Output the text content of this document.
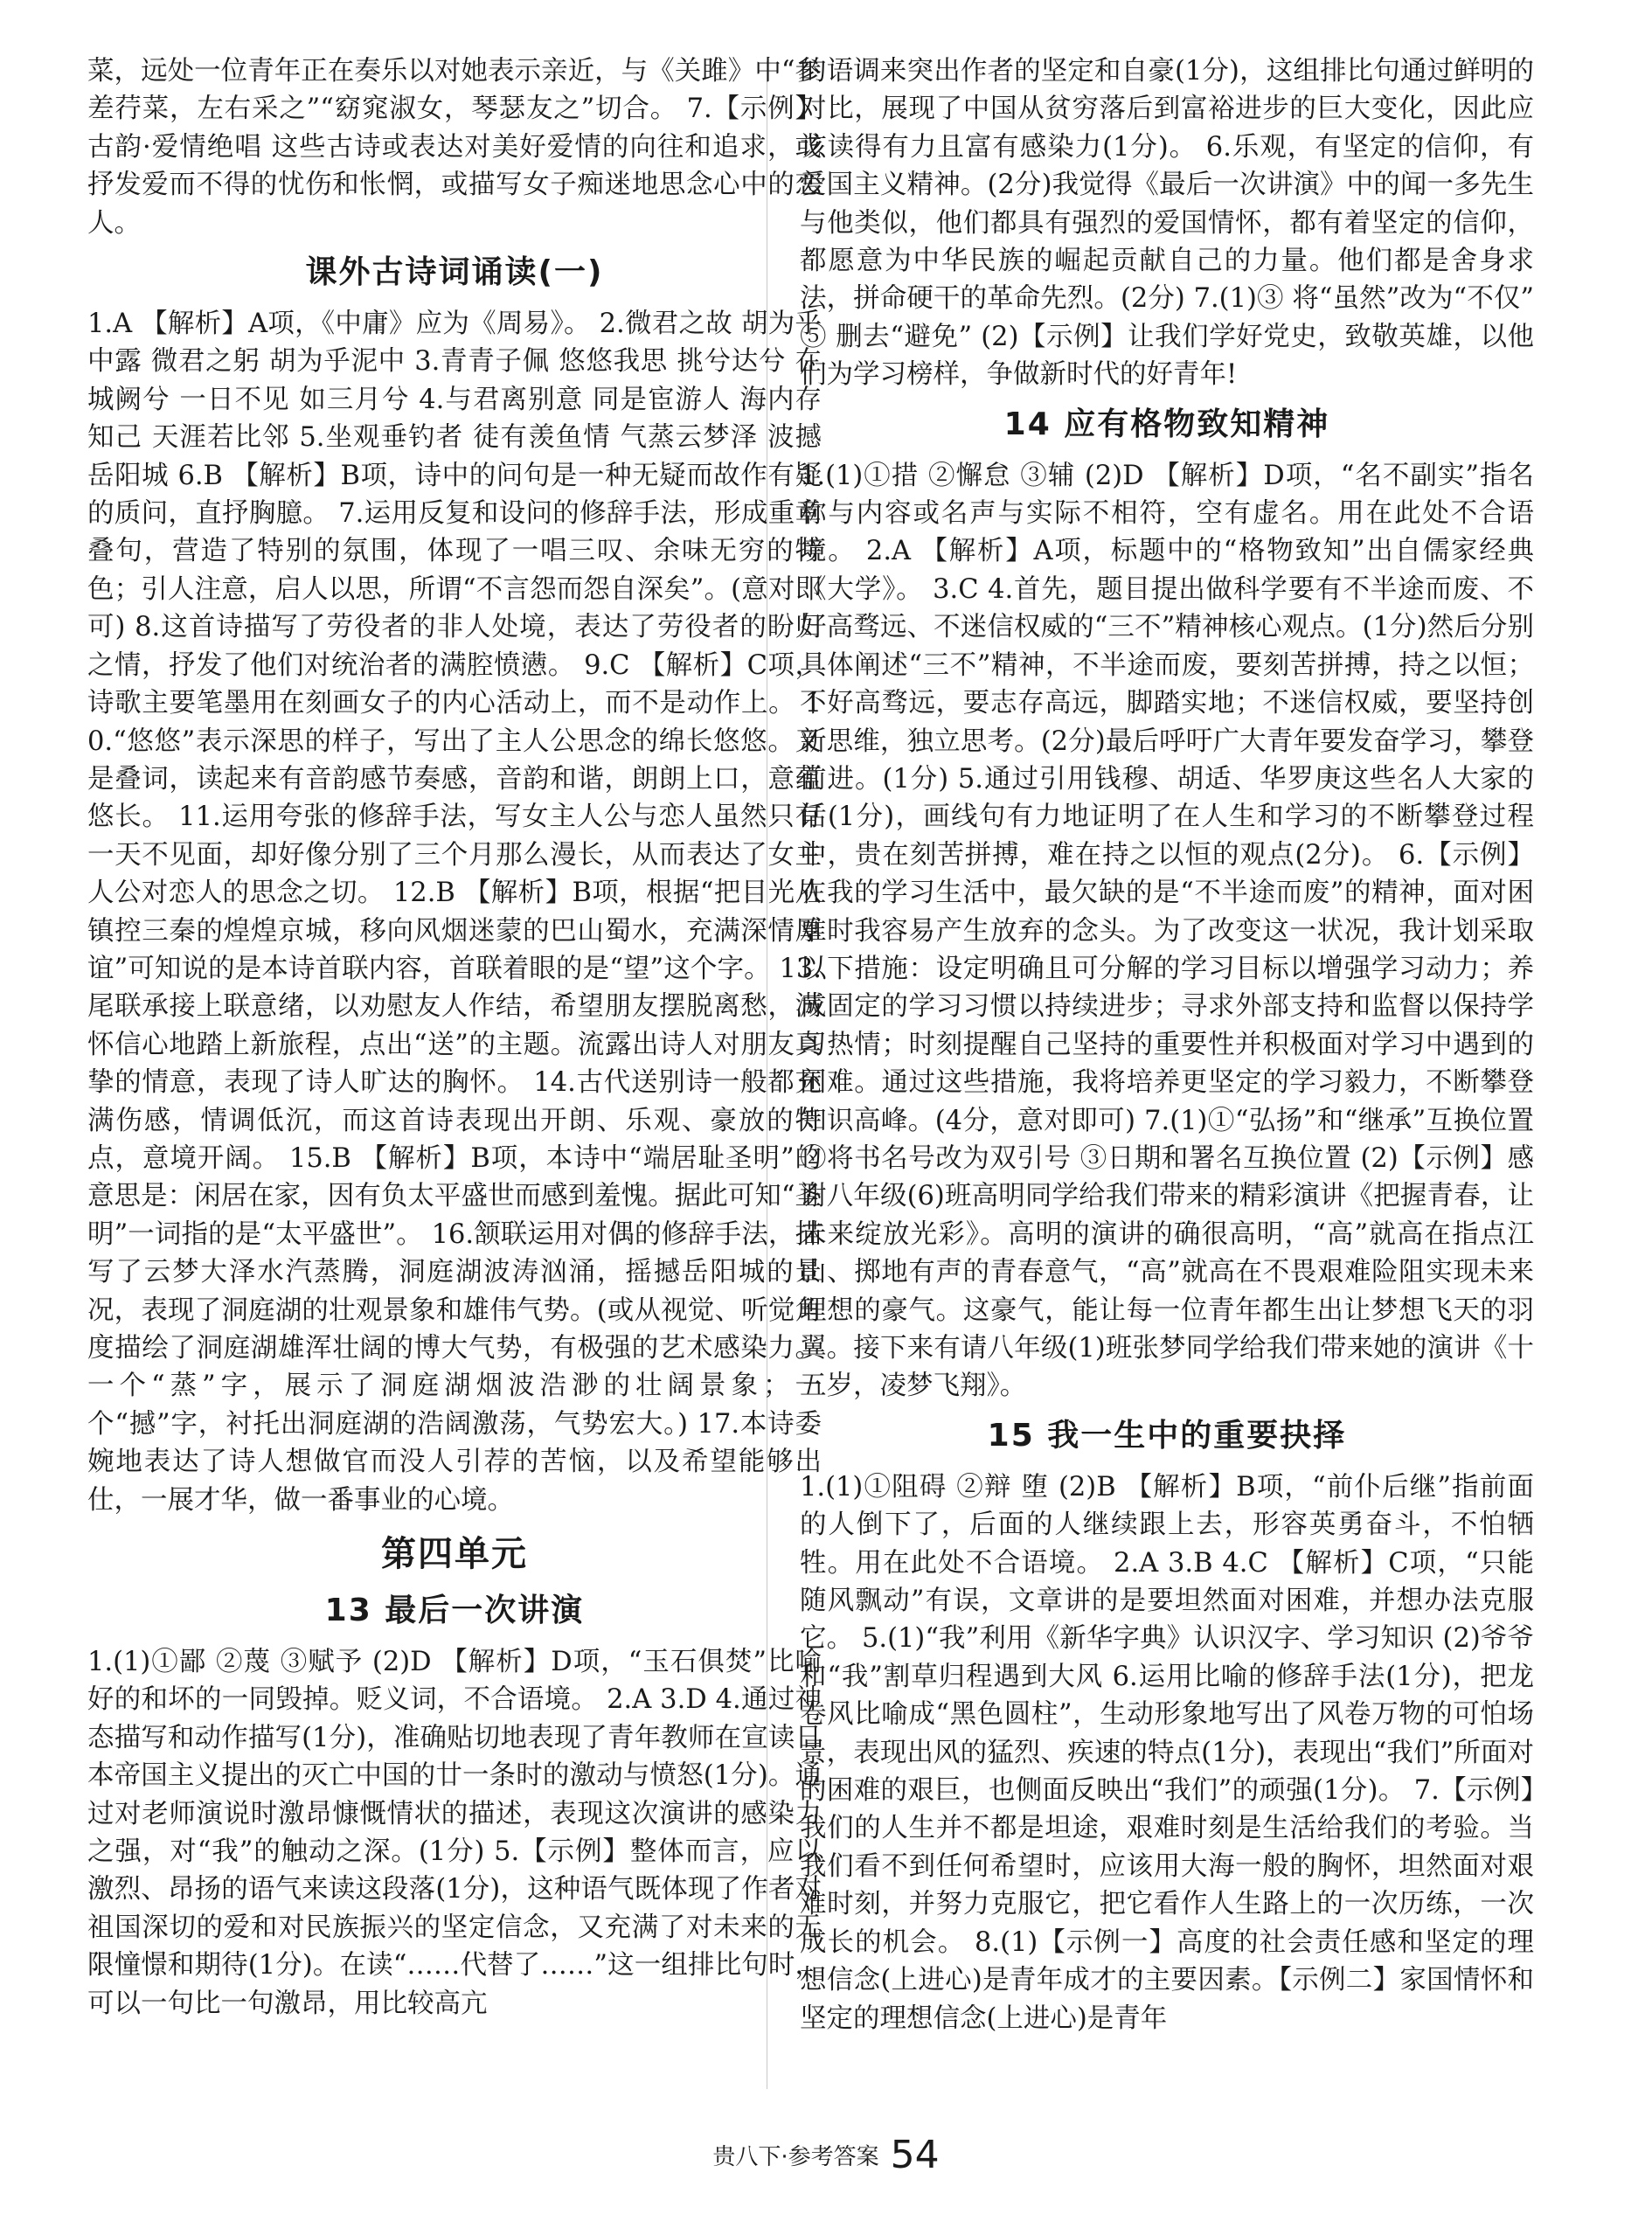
菜，远处一位青年正在奏乐以对她表示亲近，与《关雎》中“参差荇菜，左右采之”“窈窕淑女，琴瑟友之”切合。 7.【示例】古韵·爱情绝唱 这些古诗或表达对美好爱情的向往和追求，或抒发爱而不得的忧伤和怅惘，或描写女子痴迷地思念心中的恋人。

课外古诗词诵读(一)

1.A 【解析】A项，《中庸》应为《周易》。 2.微君之故 胡为乎中露 微君之躬 胡为乎泥中 3.青青子佩 悠悠我思 挑兮达兮 在城阙兮 一日不见 如三月兮 4.与君离别意 同是宦游人 海内存知己 天涯若比邻 5.坐观垂钓者 徒有羡鱼情 气蒸云梦泽 波撼岳阳城 6.B 【解析】B项，诗中的问句是一种无疑而故作有疑的质问，直抒胸臆。 7.运用反复和设问的修辞手法，形成重章叠句，营造了特别的氛围，体现了一唱三叹、余味无穷的特色；引人注意，启人以思，所谓“不言怨而怨自深矣”。(意对即可) 8.这首诗描写了劳役者的非人处境，表达了劳役者的盼归之情，抒发了他们对统治者的满腔愤懑。 9.C 【解析】C项，诗歌主要笔墨用在刻画女子的内心活动上，而不是动作上。 10.“悠悠”表示深思的样子，写出了主人公思念的绵长悠悠。又是叠词，读起来有音韵感节奏感，音韵和谐，朗朗上口，意蕴悠长。 11.运用夸张的修辞手法，写女主人公与恋人虽然只有一天不见面，却好像分别了三个月那么漫长，从而表达了女主人公对恋人的思念之切。 12.B 【解析】B项，根据“把目光从镇控三秦的煌煌京城，移向风烟迷蒙的巴山蜀水，充满深情厚谊”可知说的是本诗首联内容，首联着眼的是“望”这个字。 13.尾联承接上联意绪，以劝慰友人作结，希望朋友摆脱离愁，满怀信心地踏上新旅程，点出“送”的主题。流露出诗人对朋友真挚的情意，表现了诗人旷达的胸怀。 14.古代送别诗一般都充满伤感，情调低沉，而这首诗表现出开朗、乐观、豪放的特点，意境开阔。 15.B 【解析】B项，本诗中“端居耻圣明”的意思是：闲居在家，因有负太平盛世而感到羞愧。据此可知“圣明”一词指的是“太平盛世”。 16.颔联运用对偶的修辞手法，描写了云梦大泽水汽蒸腾，洞庭湖波涛汹涌，摇撼岳阳城的景况，表现了洞庭湖的壮观景象和雄伟气势。(或从视觉、听觉角度描绘了洞庭湖雄浑壮阔的博大气势，有极强的艺术感染力。一个“蒸”字，展示了洞庭湖烟波浩渺的壮阔景象；一个“撼”字，衬托出洞庭湖的浩阔激荡，气势宏大。) 17.本诗委婉地表达了诗人想做官而没人引荐的苦恼，以及希望能够出仕，一展才华，做一番事业的心境。

第四单元
13 最后一次讲演

1.(1)①鄙 ②蔑 ③赋予 (2)D 【解析】D项，“玉石俱焚”比喻好的和坏的一同毁掉。贬义词，不合语境。 2.A 3.D 4.通过神态描写和动作描写(1分)，准确贴切地表现了青年教师在宣读日本帝国主义提出的灭亡中国的廿一条时的激动与愤怒(1分)。通过对老师演说时激昂慷慨情状的描述，表现这次演讲的感染力之强，对“我”的触动之深。(1分) 5.【示例】整体而言，应以激烈、昂扬的语气来读这段落(1分)，这种语气既体现了作者对祖国深切的爱和对民族振兴的坚定信念，又充满了对未来的无限憧憬和期待(1分)。在读“……代替了……”这一组排比句时，可以一句比一句激昂，用比较高亢

的语调来突出作者的坚定和自豪(1分)，这组排比句通过鲜明的对比，展现了中国从贫穷落后到富裕进步的巨大变化，因此应该读得有力且富有感染力(1分)。 6.乐观，有坚定的信仰，有爱国主义精神。(2分)我觉得《最后一次讲演》中的闻一多先生与他类似，他们都具有强烈的爱国情怀，都有着坚定的信仰，都愿意为中华民族的崛起贡献自己的力量。他们都是舍身求法，拼命硬干的革命先烈。(2分) 7.(1)③ 将“虽然”改为“不仅” ⑤ 删去“避免” (2)【示例】让我们学好党史，致敬英雄，以他们为学习榜样，争做新时代的好青年!

14 应有格物致知精神

1.(1)①措 ②懈怠 ③辅 (2)D 【解析】D项，“名不副实”指名称与内容或名声与实际不相符，空有虚名。用在此处不合语境。 2.A 【解析】A项，标题中的“格物致知”出自儒家经典《大学》。 3.C 4.首先，题目提出做科学要有不半途而废、不好高骛远、不迷信权威的“三不”精神核心观点。(1分)然后分别具体阐述“三不”精神，不半途而废，要刻苦拼搏，持之以恒；不好高骛远，要志存高远，脚踏实地；不迷信权威，要坚持创新思维，独立思考。(2分)最后呼吁广大青年要发奋学习，攀登前进。(1分) 5.通过引用钱穆、胡适、华罗庚这些名人大家的话(1分)，画线句有力地证明了在人生和学习的不断攀登过程中，贵在刻苦拼搏，难在持之以恒的观点(2分)。 6.【示例】在我的学习生活中，最欠缺的是“不半途而废”的精神，面对困难时我容易产生放弃的念头。为了改变这一状况，我计划采取以下措施：设定明确且可分解的学习目标以增强学习动力；养成固定的学习习惯以持续进步；寻求外部支持和监督以保持学习热情；时刻提醒自己坚持的重要性并积极面对学习中遇到的困难。通过这些措施，我将培养更坚定的学习毅力，不断攀登知识高峰。(4分，意对即可) 7.(1)①“弘扬”和“继承”互换位置 ②将书名号改为双引号 ③日期和署名互换位置 (2)【示例】感谢八年级(6)班高明同学给我们带来的精彩演讲《把握青春，让未来绽放光彩》。高明的演讲的确很高明，“高”就高在指点江山、掷地有声的青春意气，“高”就高在不畏艰难险阻实现未来理想的豪气。这豪气，能让每一位青年都生出让梦想飞天的羽翼。接下来有请八年级(1)班张梦同学给我们带来她的演讲《十五岁，凌梦飞翔》。

15 我一生中的重要抉择

1.(1)①阻碍 ②辩 堕 (2)B 【解析】B项，“前仆后继”指前面的人倒下了，后面的人继续跟上去，形容英勇奋斗，不怕牺牲。用在此处不合语境。 2.A 3.B 4.C 【解析】C项，“只能随风飘动”有误，文章讲的是要坦然面对困难，并想办法克服它。 5.(1)“我”利用《新华字典》认识汉字、学习知识 (2)爷爷和“我”割草归程遇到大风 6.运用比喻的修辞手法(1分)，把龙卷风比喻成“黑色圆柱”，生动形象地写出了风卷万物的可怕场景，表现出风的猛烈、疾速的特点(1分)，表现出“我们”所面对的困难的艰巨，也侧面反映出“我们”的顽强(1分)。 7.【示例】我们的人生并不都是坦途，艰难时刻是生活给我们的考验。当我们看不到任何希望时，应该用大海一般的胸怀，坦然面对艰难时刻，并努力克服它，把它看作人生路上的一次历练，一次成长的机会。 8.(1)【示例一】高度的社会责任感和坚定的理想信念(上进心)是青年成才的主要因素。【示例二】家国情怀和坚定的理想信念(上进心)是青年

贵八下·参考答案 54
